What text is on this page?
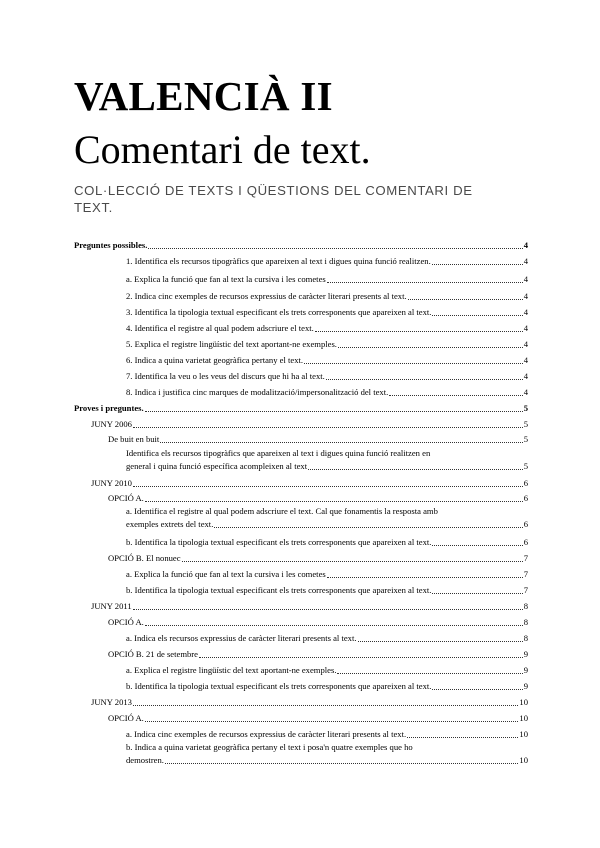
VALENCIÀ II
Comentari de text.
COL·LECCIÓ DE TEXTS I QÜESTIONS DEL COMENTARI DE TEXT.
Preguntes possibles.	4
1. Identifica els recursos tipogràfics que apareixen al text i digues quina funció realitzen.	4
a. Explica la funció que fan al text la cursiva i les cometes	4
2. Indica cinc exemples de recursos expressius de caràcter literari presents al text.	4
3. Identifica la tipologia textual especificant els trets corresponents que apareixen al text.	4
4. Identifica el registre al qual podem adscriure el text.	4
5. Explica el registre lingüístic del text aportant-ne exemples.	4
6. Indica a quina varietat geogràfica pertany el text.	4
7. Identifica la veu o les veus del discurs que hi ha al text.	4
8. Indica i justifica cinc marques de modalització/impersonalització del text.	4
Proves i preguntes.	5
JUNY 2006	5
De buit en buit	5
Identifica els recursos tipogràfics que apareixen al text i digues quina funció realitzen en
general i quina funció específica acompleixen al text	5
JUNY 2010	6
OPCIÓ A.	6
a. Identifica el registre al qual podem adscriure el text. Cal que fonamentis la resposta amb
exemples extrets del text.	6
b. Identifica la tipologia textual especificant els trets corresponents que apareixen al text.	6
OPCIÓ B. El nonuec	7
a. Explica la funció que fan al text la cursiva i les cometes	7
b. Identifica la tipologia textual especificant els trets corresponents que apareixen al text.	7
JUNY 2011	8
OPCIÓ A.	8
a. Indica els recursos expressius de caràcter literari presents al text.	8
OPCIÓ B. 21 de setembre	9
a. Explica el registre lingüístic del text aportant-ne exemples.	9
b. Identifica la tipologia textual especificant els trets corresponents que apareixen al text.	9
JUNY 2013	10
OPCIÓ A.	10
a. Indica cinc exemples de recursos expressius de caràcter literari presents al text.	10
b. Indica a quina varietat geogràfica pertany el text i posa'n quatre exemples que ho
demostren.	10
